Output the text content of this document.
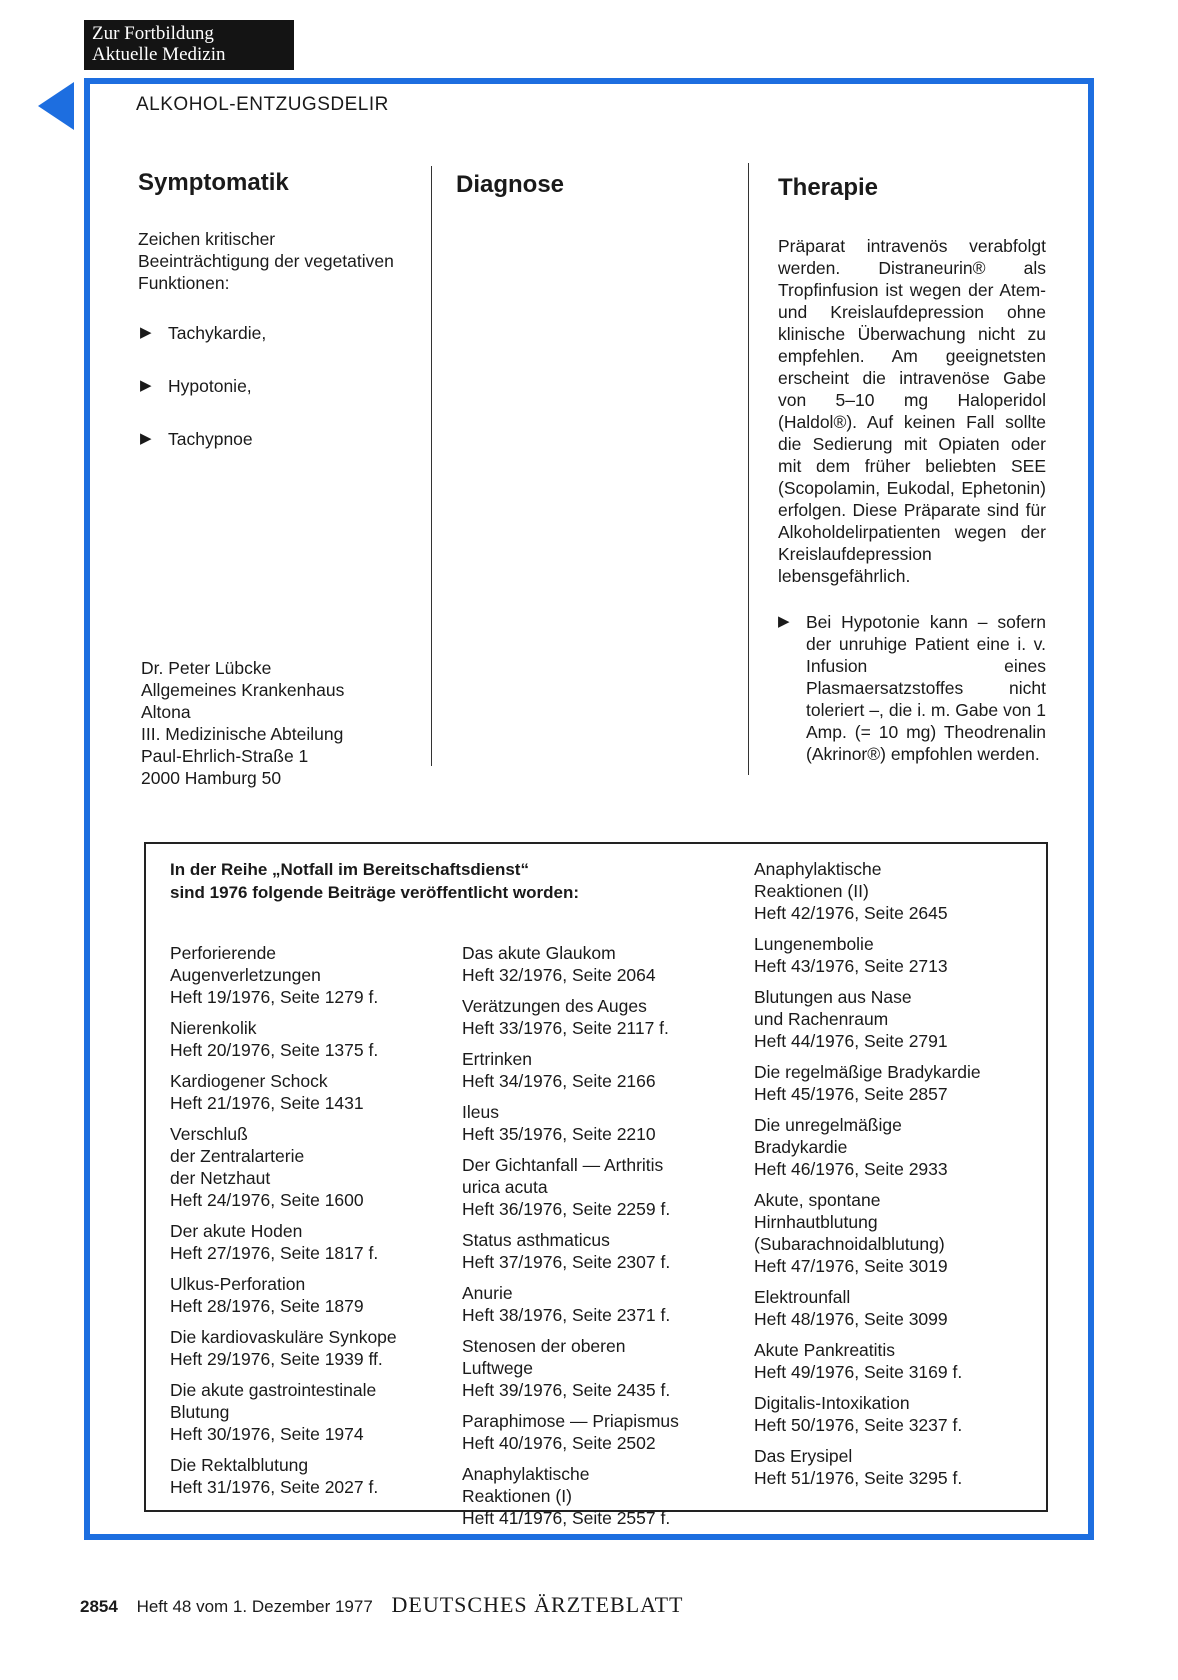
Zur Fortbildung
Aktuelle Medizin
ALKOHOL-ENTZUGSDELIR
Symptomatik
Zeichen kritischer Beeinträchtigung der vegetativen Funktionen:
▶ Tachykardie,
▶ Hypotonie,
▶ Tachypnoe
Diagnose	Therapie
Präparat intravenös verabfolgt werden. Distraneurin® als Tropfinfusion ist wegen der Atem- und Kreislaufdepression ohne klinische Überwachung nicht zu empfehlen. Am geeignetsten erscheint die intravenöse Gabe von 5–10 mg Haloperidol (Haldol®). Auf keinen Fall sollte die Sedierung mit Opiaten oder mit dem früher beliebten SEE (Scopolamin, Eukodal, Ephetonin) erfolgen. Diese Präparate sind für Alkoholdelirpatienten wegen der Kreislaufdepression lebensgefährlich.
▶ Bei Hypotonie kann – sofern der unruhige Patient eine i. v. Infusion eines Plasmaersatzstoffes nicht toleriert –, die i. m. Gabe von 1 Amp. (= 10 mg) Theodrenalin (Akrinor®) empfohlen werden.
Dr. Peter Lübcke
Allgemeines Krankenhaus
Altona
III. Medizinische Abteilung
Paul-Ehrlich-Straße 1
2000 Hamburg 50
In der Reihe „Notfall im Bereitschaftsdienst“
sind 1976 folgende Beiträge veröffentlicht worden:
Perforierende
Augenverletzungen
Heft 19/1976, Seite 1279 f.
Nierenkolik
Heft 20/1976, Seite 1375 f.
Kardiogener Schock
Heft 21/1976, Seite 1431
Verschluß
der Zentralarterie
der Netzhaut
Heft 24/1976, Seite 1600
Der akute Hoden
Heft 27/1976, Seite 1817 f.
Ulkus-Perforation
Heft 28/1976, Seite 1879
Die kardiovaskuläre Synkope
Heft 29/1976, Seite 1939 ff.
Die akute gastrointestinale
Blutung
Heft 30/1976, Seite 1974
Die Rektalblutung
Heft 31/1976, Seite 2027 f.
Das akute Glaukom
Heft 32/1976, Seite 2064
Verätzungen des Auges
Heft 33/1976, Seite 2117 f.
Ertrinken
Heft 34/1976, Seite 2166
Ileus
Heft 35/1976, Seite 2210
Der Gichtanfall — Arthritis
urica acuta
Heft 36/1976, Seite 2259 f.
Status asthmaticus
Heft 37/1976, Seite 2307 f.
Anurie
Heft 38/1976, Seite 2371 f.
Stenosen der oberen
Luftwege
Heft 39/1976, Seite 2435 f.
Paraphimose — Priapismus
Heft 40/1976, Seite 2502
Anaphylaktische
Reaktionen (I)
Heft 41/1976, Seite 2557 f.
Anaphylaktische
Reaktionen (II)
Heft 42/1976, Seite 2645
Lungenembolie
Heft 43/1976, Seite 2713
Blutungen aus Nase
und Rachenraum
Heft 44/1976, Seite 2791
Die regelmäßige Bradykardie
Heft 45/1976, Seite 2857
Die unregelmäßige
Bradykardie
Heft 46/1976, Seite 2933
Akute, spontane
Hirnhautblutung
(Subarachnoidalblutung)
Heft 47/1976, Seite 3019
Elektrounfall
Heft 48/1976, Seite 3099
Akute Pankreatitis
Heft 49/1976, Seite 3169 f.
Digitalis-Intoxikation
Heft 50/1976, Seite 3237 f.
Das Erysipel
Heft 51/1976, Seite 3295 f.
2854 Heft 48 vom 1. Dezember 1977 DEUTSCHES ÄRZTEBLATT
